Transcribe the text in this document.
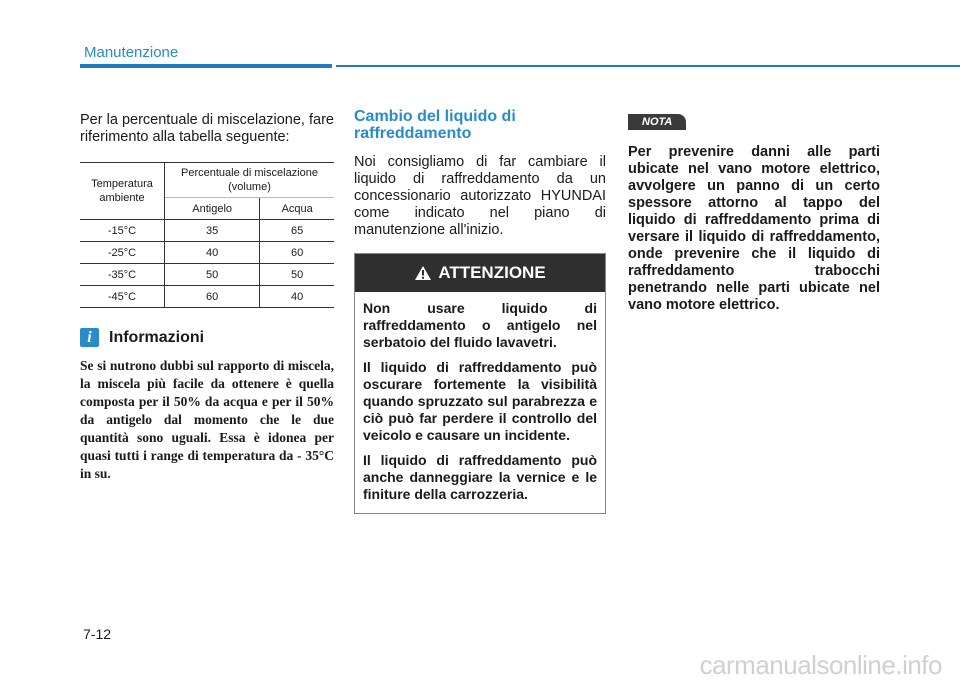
Manutenzione

Per la percentuale di miscelazione, fare riferimento alla tabella seguente:

Temperatura ambiente	Percentuale di miscelazione (volume)	
	Antigelo	Acqua
-15°C	35	65
-25°C	40	60
-35°C	50	50
-45°C	60	40
i	Informazioni

Se si nutrono dubbi sul rapporto di miscela, la miscela più facile da ottenere è quella composta per il 50% da acqua e per il 50% da antigelo dal momento che le due quantità sono uguali. Essa è idonea per quasi tutti i range di temperatura da - 35°C in su.

Cambio del liquido di raffreddamento

Noi consigliamo di far cambiare il liquido di raffreddamento da un concessionario autorizzato HYUNDAI come indicato nel piano di manutenzione all'inizio.

ATTENZIONE

Non usare liquido di raffreddamento o antigelo nel serbatoio del fluido lavavetri.

Il liquido di raffreddamento può oscurare fortemente la visibilità quando spruzzato sul parabrezza e ciò può far perdere il controllo del veicolo e causare un incidente.

Il liquido di raffreddamento può anche danneggiare la vernice e le finiture della carrozzeria.

NOTA

Per prevenire danni alle parti ubicate nel vano motore elettrico, avvolgere un panno di un certo spessore attorno al tappo del liquido di raffreddamento prima di versare il liquido di raffreddamento, onde prevenire che il liquido di raffreddamento trabocchi penetrando nelle parti ubicate nel vano motore elettrico.

7-12
carmanualsonline.info
